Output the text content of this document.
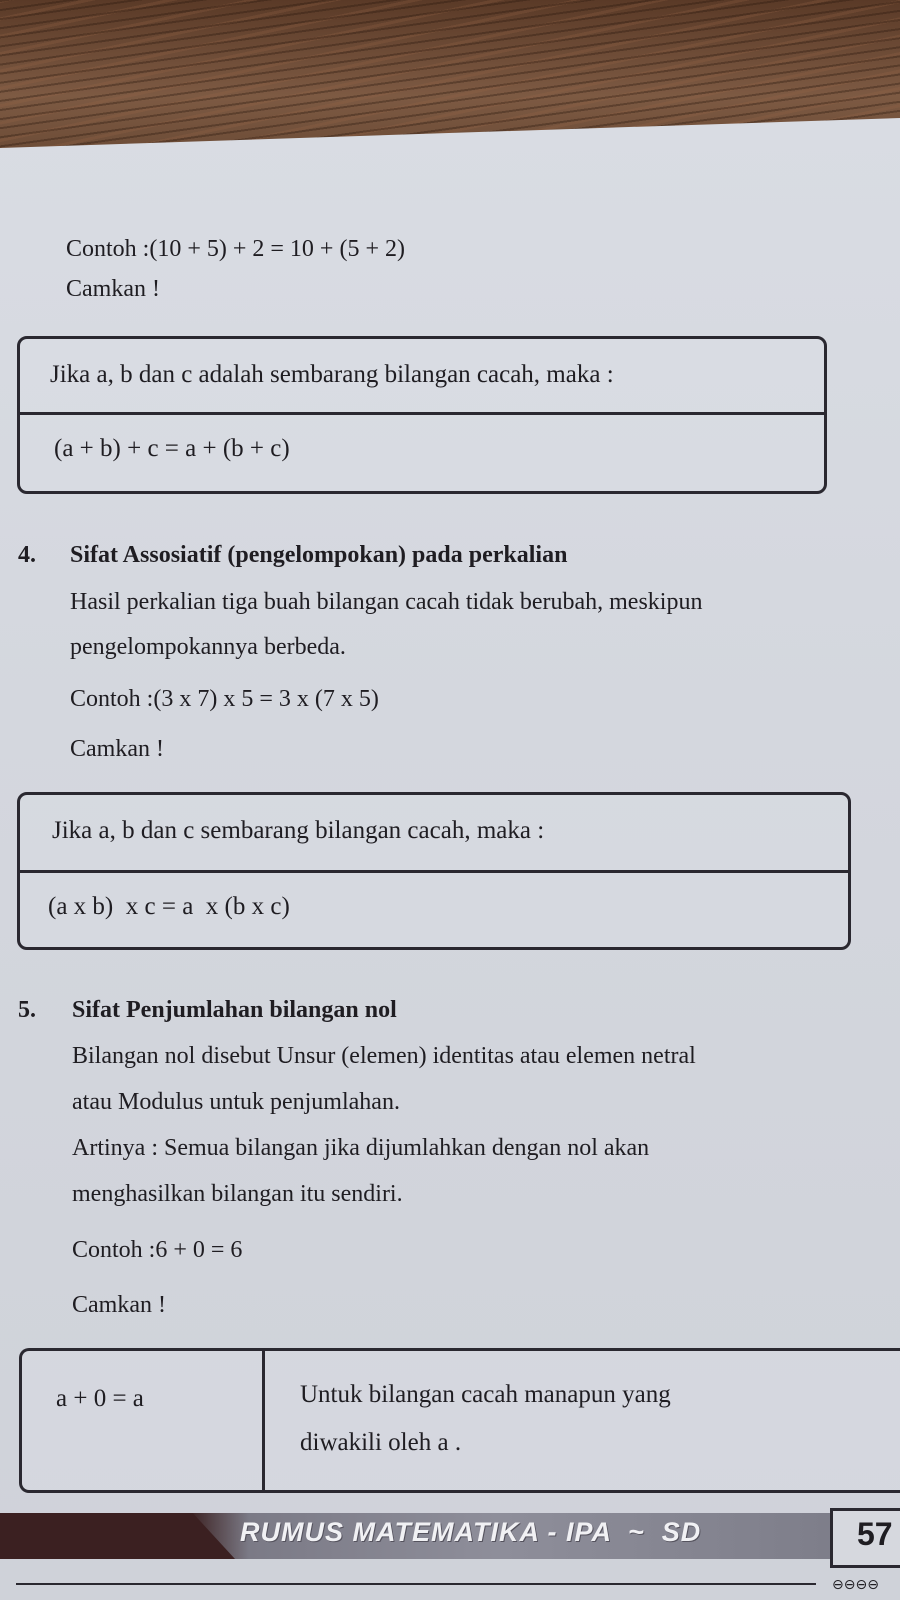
Contoh :(10 + 5) + 2 = 10 + (5 + 2)
Camkan !
Jika a, b dan c adalah sembarang bilangan cacah, maka :
(a + b) + c = a + (b + c)
4. Sifat Assosiatif (pengelompokan) pada perkalian
Hasil perkalian tiga buah bilangan cacah tidak berubah, meskipun
pengelompokannya berbeda.
Contoh :(3 x 7) x 5 = 3 x (7 x 5)
Camkan !
Jika a, b dan c sembarang bilangan cacah, maka :
(a x b)  x c = a  x (b x c)
5. Sifat Penjumlahan bilangan nol
Bilangan nol disebut Unsur (elemen) identitas atau elemen netral
atau Modulus untuk penjumlahan.
Artinya : Semua bilangan jika dijumlahkan dengan nol akan
menghasilkan bilangan itu sendiri.
Contoh :6 + 0 = 6
Camkan !
a + 0 = a	Untuk bilangan cacah manapun yang
diwakili oleh a .
RUMUS MATEMATIKA - IPA  ~  SD	57
⊖⊖⊖⊖
